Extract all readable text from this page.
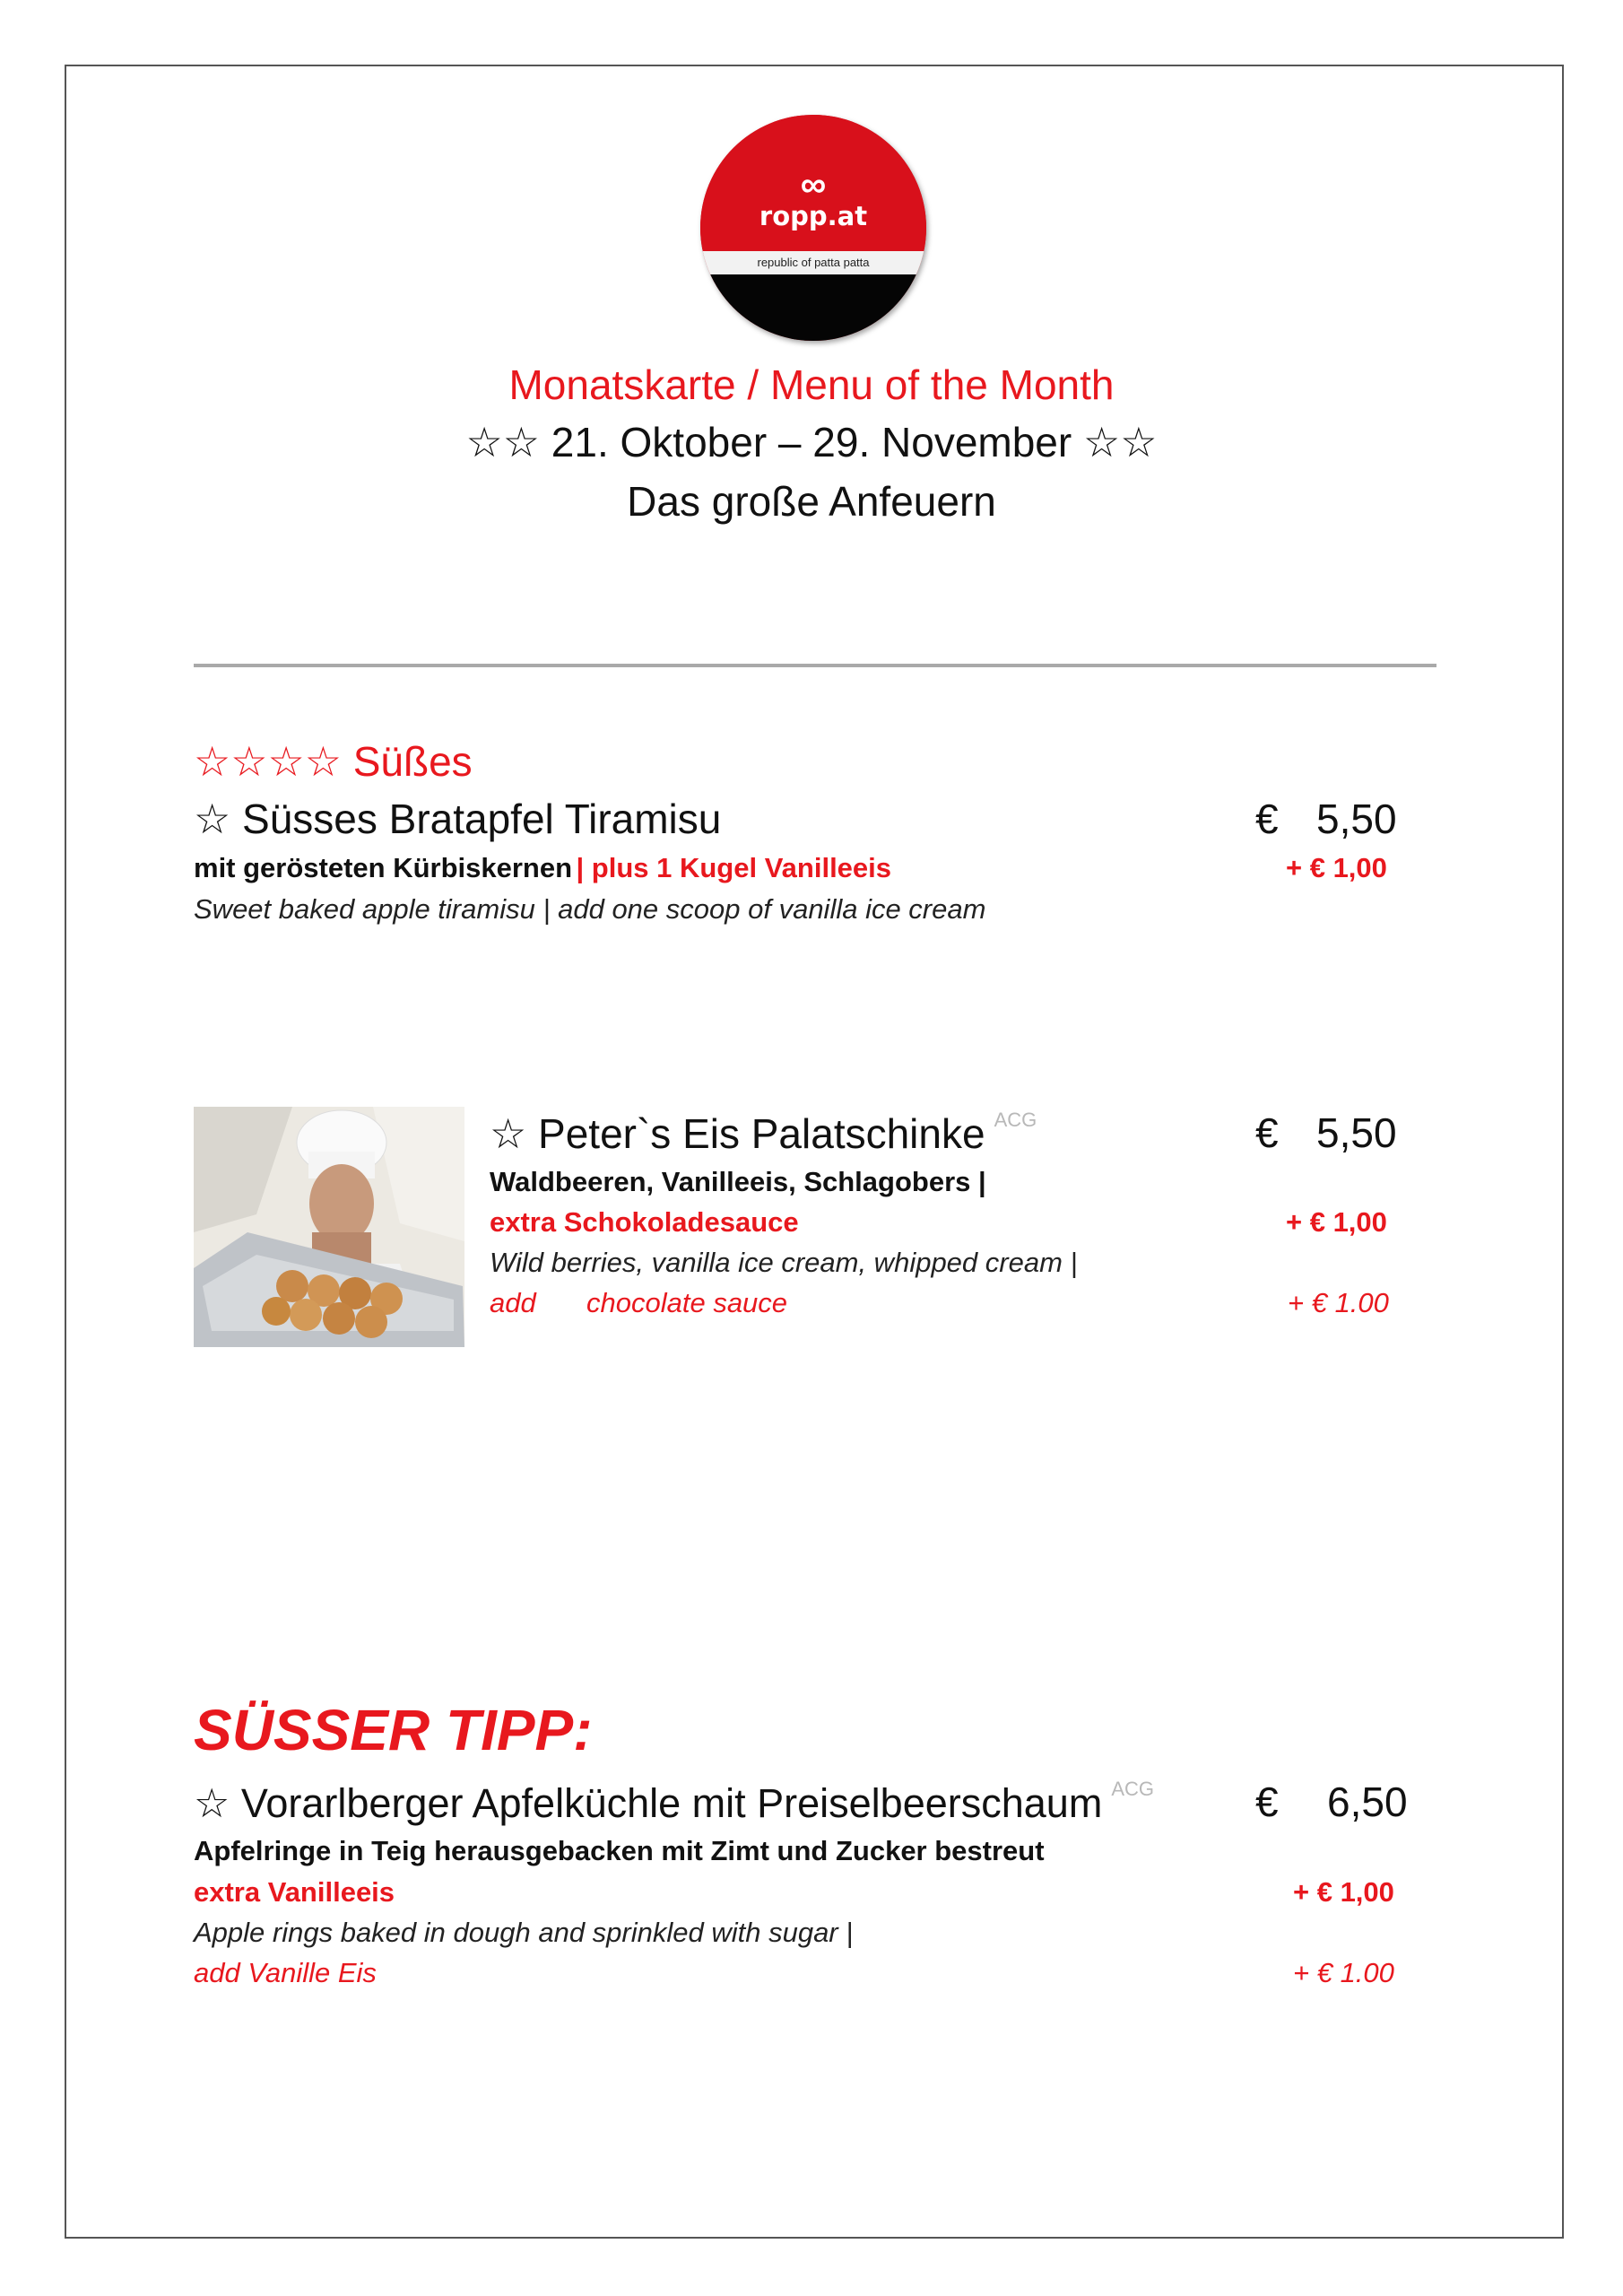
∞
ropp.at
republic of patta patta
Monatskarte / Menu of the Month
☆☆ 21. Oktober – 29. November ☆☆
Das große Anfeuern
☆☆☆☆ Süßes
☆ Süsses Bratapfel Tiramisu	€ 5,50
mit gerösteten Kürbiskernen | plus 1 Kugel Vanilleeis	+ € 1,00
Sweet baked apple tiramisu | add one scoop of vanilla ice cream
☆ Peter`s Eis Palatschinke $^{ACG}$	€ 5,50
Waldbeeren, Vanilleeis, Schlagobers |
extra Schokoladesauce	+ € 1,00
Wild berries, vanilla ice cream, whipped cream |
add chocolate sauce	+ € 1.00
SÜSSER TIPP:
☆ Vorarlberger Apfelküchle mit Preiselbeerschaum $^{ACG}$ € 6,50
Apfelringe in Teig herausgebacken mit Zimt und Zucker bestreut
extra Vanilleeis	+ € 1,00
Apple rings baked in dough and sprinkled with sugar |
add Vanille Eis	+ € 1.00
